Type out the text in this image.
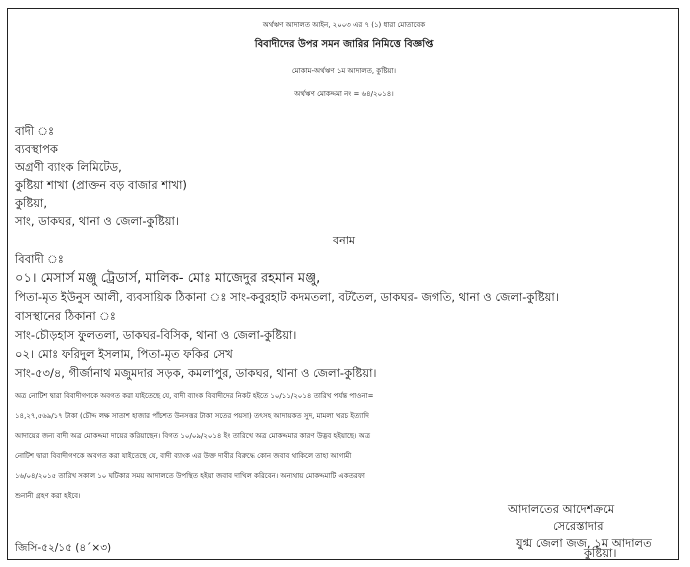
অর্থঋণ আদালত আইন, ২০০৩ এর ৭ (১) ধারা মোতাবেক
বিবাদীদের উপর সমন জারির নিমিত্তে বিজ্ঞপ্তি
মোকাম-অর্থঋণ ১ম আদালত, কুষ্টিয়া।
অর্থঋণ মোকদ্দমা নং = ৬৪/২০১৪।
বাদী ঃ
ব্যবস্থাপক
অগ্রণী ব্যাংক লিমিটেড,
কুষ্টিয়া শাখা (প্রাক্তন বড় বাজার শাখা)
কুষ্টিয়া,
সাং, ডাকঘর, থানা ও জেলা-কুষ্টিয়া।
বনাম
বিবাদী ঃ
০১। মেসার্স মঞ্জু ট্রেডার্স, মালিক- মোঃ মাজেদুর রহমান মঞ্জু,
পিতা-মৃত ইউনুস আলী, ব্যবসায়িক ঠিকানা ঃ সাং-কবুরহাট কদমতলা, বটতৈল, ডাকঘর- জগতি, থানা ও জেলা-কুষ্টিয়া।
বাসস্থানের ঠিকানা ঃ
সাং-চৌড়হাস ফুলতলা, ডাকঘর-বিসিক, থানা ও জেলা-কুষ্টিয়া।
০২। মোঃ ফরিদুল ইসলাম, পিতা-মৃত ফকির সেখ
সাং-৫৩/৪, গীর্জানাথ মজুমদার সড়ক, কমলাপুর, ডাকঘর, থানা ও জেলা-কুষ্টিয়া।
অত্র নোটিশ দ্বারা বিবাদীগণকে অবগত করা যাইতেছে যে, বাদী ব্যাংক বিবাদীদের নিকট হইতে ১০/১১/২০১৪ তারিখ পর্যন্ত পাওনা=
১৪,২৭,৫৬৯/১৭ টাকা (চৌদ্দ লক্ষ সাতাশ হাজার পাঁচশত উনসত্তর টাকা সতের পয়সা) তৎসহ আদায়কত সুদ, মামলা খরচ ইত্যাদি
আদায়ের জন্য বাদী অত্র মোকদ্দমা দায়ের করিয়াছেন। বিগত ১০/০৯/২০১৪ ইং তারিখে অত্র মোকদ্দমার কারণ উদ্ভব হইয়াছে। অত্র
নোটিশ দ্বারা বিবাদীগণকে অবগত করা যাইতেছে যে, বাদী ব্যাংক এর উক্ত দাবীর বিরুদ্ধে কোন জবাব থাকিলে তাহা আগামী
১৬/০৪/২০১৫ তারিখ সকাল ১০ ঘটিকার সময় আদালতে উপস্থিত হইয়া জবাব দাখিল করিবেন। অন্যথায় মোকদ্দমাটি একতরফা
শুনানী গ্রহণ করা হইবে।
আদালতের আদেশক্রমে
সেরেস্তাদার
যুগ্ম জেলা জজ, ১ম আদালত
কুষ্টিয়া।
জিসি-৫২/১৫ (৪´×৩)
